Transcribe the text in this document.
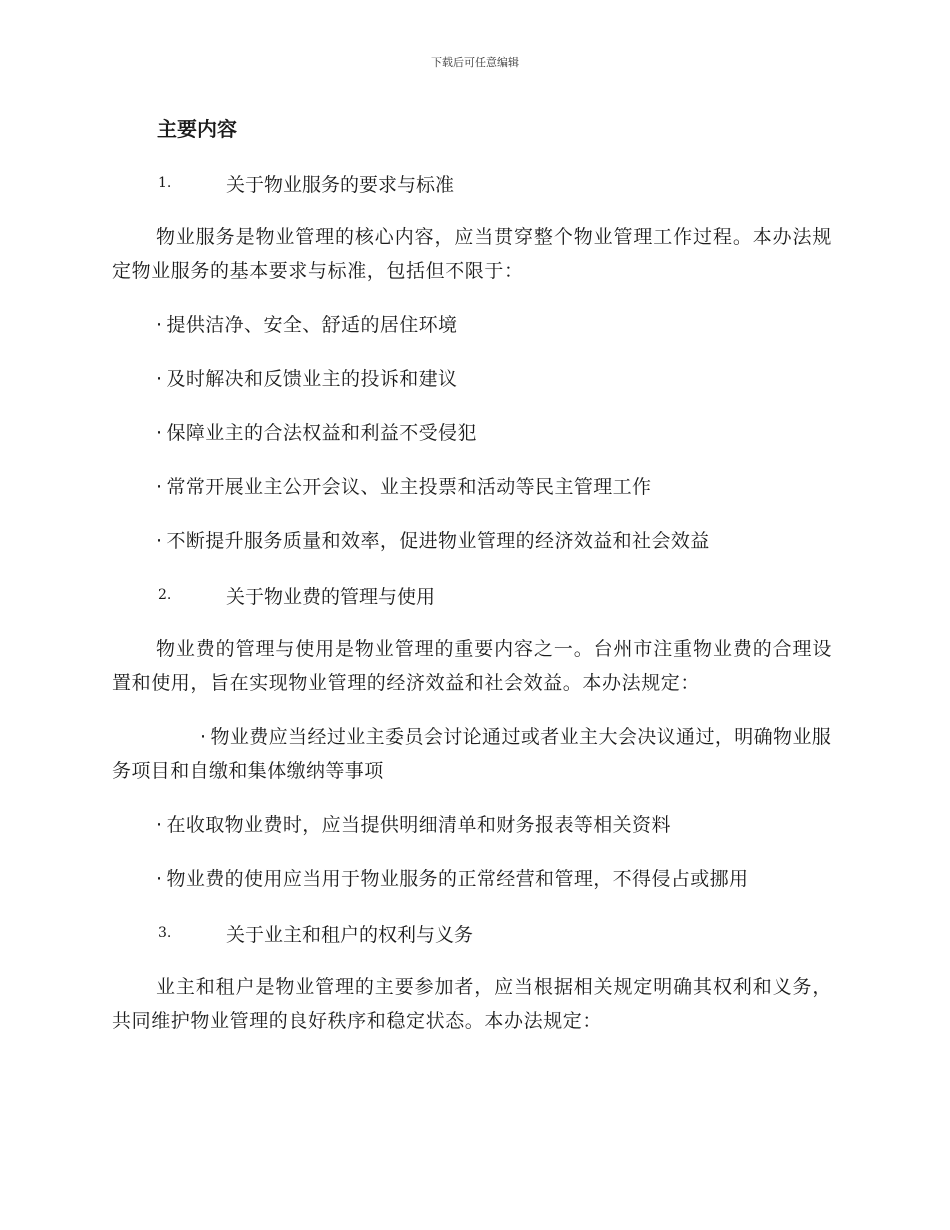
下载后可任意编辑
主要内容
1.	关于物业服务的要求与标准
物业服务是物业管理的核心内容，应当贯穿整个物业管理工作过程。本办法规定物业服务的基本要求与标准，包括但不限于：
· 提供洁净、安全、舒适的居住环境
· 及时解决和反馈业主的投诉和建议
· 保障业主的合法权益和利益不受侵犯
· 常常开展业主公开会议、业主投票和活动等民主管理工作
· 不断提升服务质量和效率，促进物业管理的经济效益和社会效益
2.	关于物业费的管理与使用
物业费的管理与使用是物业管理的重要内容之一。台州市注重物业费的合理设置和使用，旨在实现物业管理的经济效益和社会效益。本办法规定：
· 物业费应当经过业主委员会讨论通过或者业主大会决议通过，明确物业服务项目和自缴和集体缴纳等事项
· 在收取物业费时，应当提供明细清单和财务报表等相关资料
· 物业费的使用应当用于物业服务的正常经营和管理，不得侵占或挪用
3.	关于业主和租户的权利与义务
业主和租户是物业管理的主要参加者，应当根据相关规定明确其权利和义务，共同维护物业管理的良好秩序和稳定状态。本办法规定：
